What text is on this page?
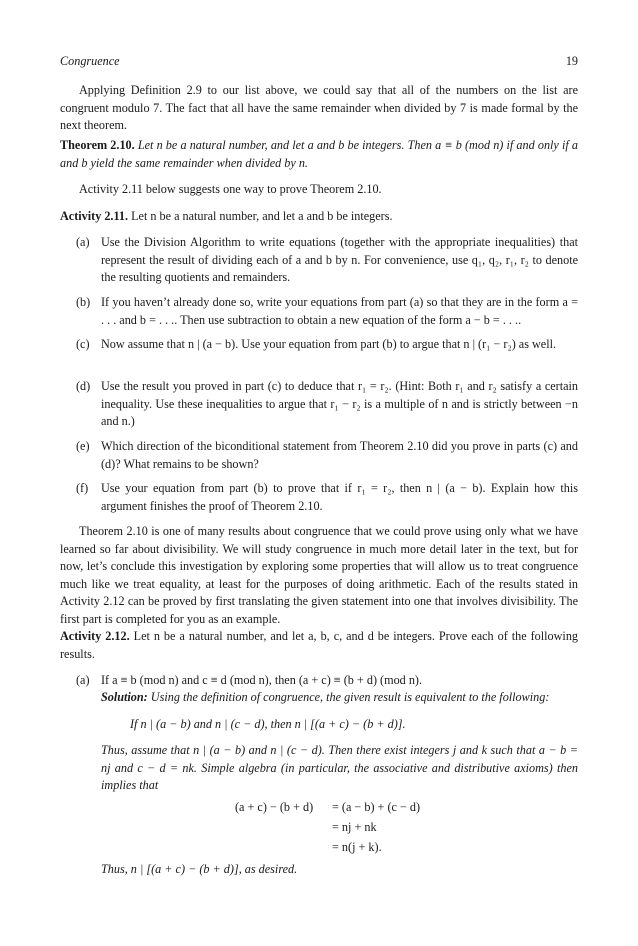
Congruence	19

Applying Definition 2.9 to our list above, we could say that all of the numbers on the list are congruent modulo 7. The fact that all have the same remainder when divided by 7 is made formal by the next theorem.

Theorem 2.10. Let n be a natural number, and let a and b be integers. Then a ≡ b (mod n) if and only if a and b yield the same remainder when divided by n.

Activity 2.11 below suggests one way to prove Theorem 2.10.

Activity 2.11. Let n be a natural number, and let a and b be integers.

(a) Use the Division Algorithm to write equations (together with the appropriate inequalities) that represent the result of dividing each of a and b by n. For convenience, use q₁, q₂, r₁, r₂ to denote the resulting quotients and remainders.

(b) If you haven’t already done so, write your equations from part (a) so that they are in the form a = . . . and b = . . .. Then use subtraction to obtain a new equation of the form a − b = . . ..

(c) Now assume that n | (a − b). Use your equation from part (b) to argue that n | (r₁ − r₂) as well.

(d) Use the result you proved in part (c) to deduce that r₁ = r₂. (Hint: Both r₁ and r₂ satisfy a certain inequality. Use these inequalities to argue that r₁ − r₂ is a multiple of n and is strictly between −n and n.)

(e) Which direction of the biconditional statement from Theorem 2.10 did you prove in parts (c) and (d)? What remains to be shown?

(f) Use your equation from part (b) to prove that if r₁ = r₂, then n | (a − b). Explain how this argument finishes the proof of Theorem 2.10.

Theorem 2.10 is one of many results about congruence that we could prove using only what we have learned so far about divisibility. We will study congruence in much more detail later in the text, but for now, let’s conclude this investigation by exploring some properties that will allow us to treat congruence much like we treat equality, at least for the purposes of doing arithmetic. Each of the results stated in Activity 2.12 can be proved by first translating the given statement into one that involves divisibility. The first part is completed for you as an example.

Activity 2.12. Let n be a natural number, and let a, b, c, and d be integers. Prove each of the following results.

(a) If a ≡ b (mod n) and c ≡ d (mod n), then (a + c) ≡ (b + d) (mod n).

Solution: Using the definition of congruence, the given result is equivalent to the following:

If n | (a − b) and n | (c − d), then n | [(a + c) − (b + d)].

Thus, assume that n | (a − b) and n | (c − d). Then there exist integers j and k such that a − b = nj and c − d = nk. Simple algebra (in particular, the associative and distributive axioms) then implies that

(a + c) − (b + d) = (a − b) + (c − d)
= nj + nk
= n(j + k).

Thus, n | [(a + c) − (b + d)], as desired.
